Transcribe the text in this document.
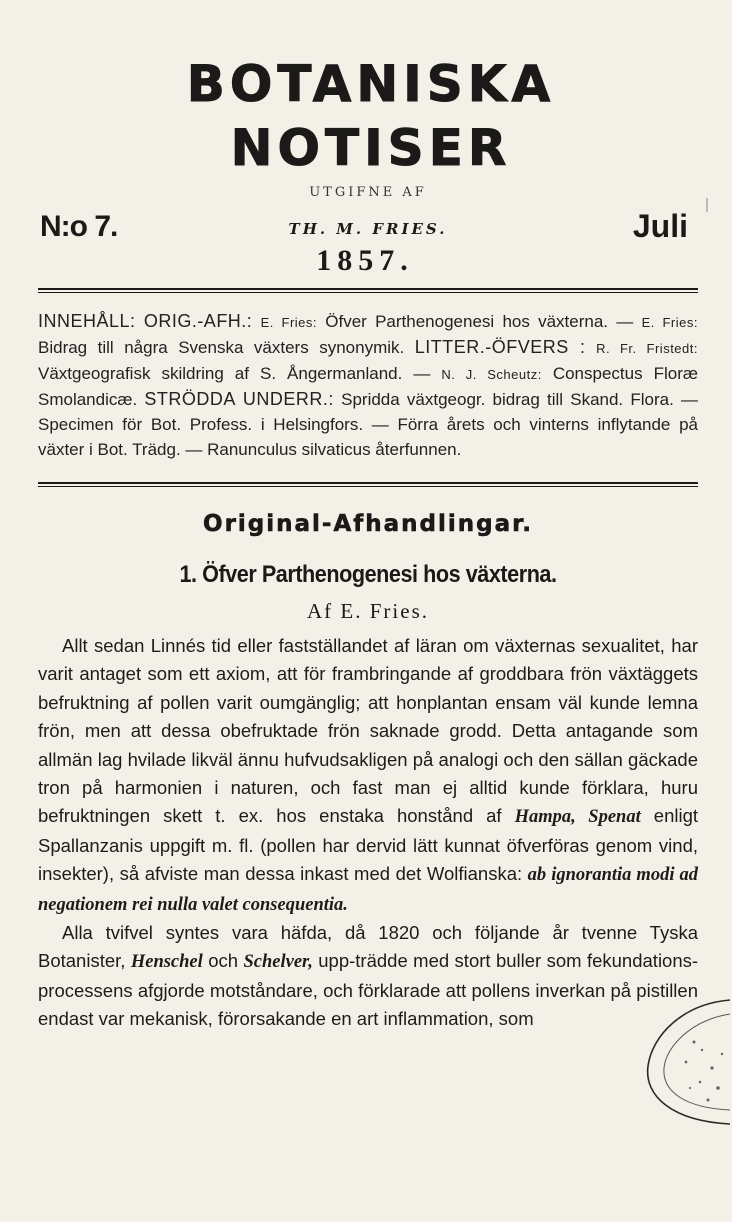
BOTANISKA NOTISER
UTGIFNE AF
N:o 7.	TH. M. FRIES.	Juli
1857.
INNEHÅLL: ORIG.-AFH.: E. Fries: Öfver Parthenogenesi hos växterna. — E. Fries: Bidrag till några Svenska växters synonymik. LITTER.-ÖFVERS : R. Fr. Fristedt: Växtgeografisk skildring af S. Ångermanland. — N. J. Scheutz: Conspectus Floræ Smolandicæ. STRÖDDA UNDERR.: Spridda växtgeogr. bidrag till Skand. Flora. — Specimen för Bot. Profess. i Helsingfors. — Förra årets och vinterns inflytande på växter i Bot. Trädg. — Ranunculus silvaticus återfunnen.
Original-Afhandlingar.
1. Öfver Parthenogenesi hos växterna.
Af E. Fries.

Allt sedan Linnés tid eller fastställandet af läran om växternas sexualitet, har varit antaget som ett axiom, att för frambringande af groddbara frön växtäggets befruktning af pollen varit oumgänglig; att honplantan ensam väl kunde lemna frön, men att dessa obefruktade frön saknade grodd. Detta antagande som allmän lag hvilade likväl ännu hufvudsakligen på analogi och den sällan gäckade tron på harmonien i naturen, och fast man ej alltid kunde förklara, huru befruktningen skett t. ex. hos enstaka honstånd af Hampa, Spenat enligt Spallanzanis uppgift m. fl. (pollen har dervid lätt kunnat öfverföras genom vind, insekter), så afviste man dessa inkast med det Wolfianska: ab ignorantia modi ad negationem rei nulla valet consequentia.

Alla tvifvel syntes vara häfda, då 1820 och följande år tvenne Tyska Botanister, Henschel och Schelver, upp-trädde med stort buller som fekundations-processens afgjorde motståndare, och förklarade att pollens inverkan på pistillen endast var mekanisk, förorsakande en art inflammation, som
